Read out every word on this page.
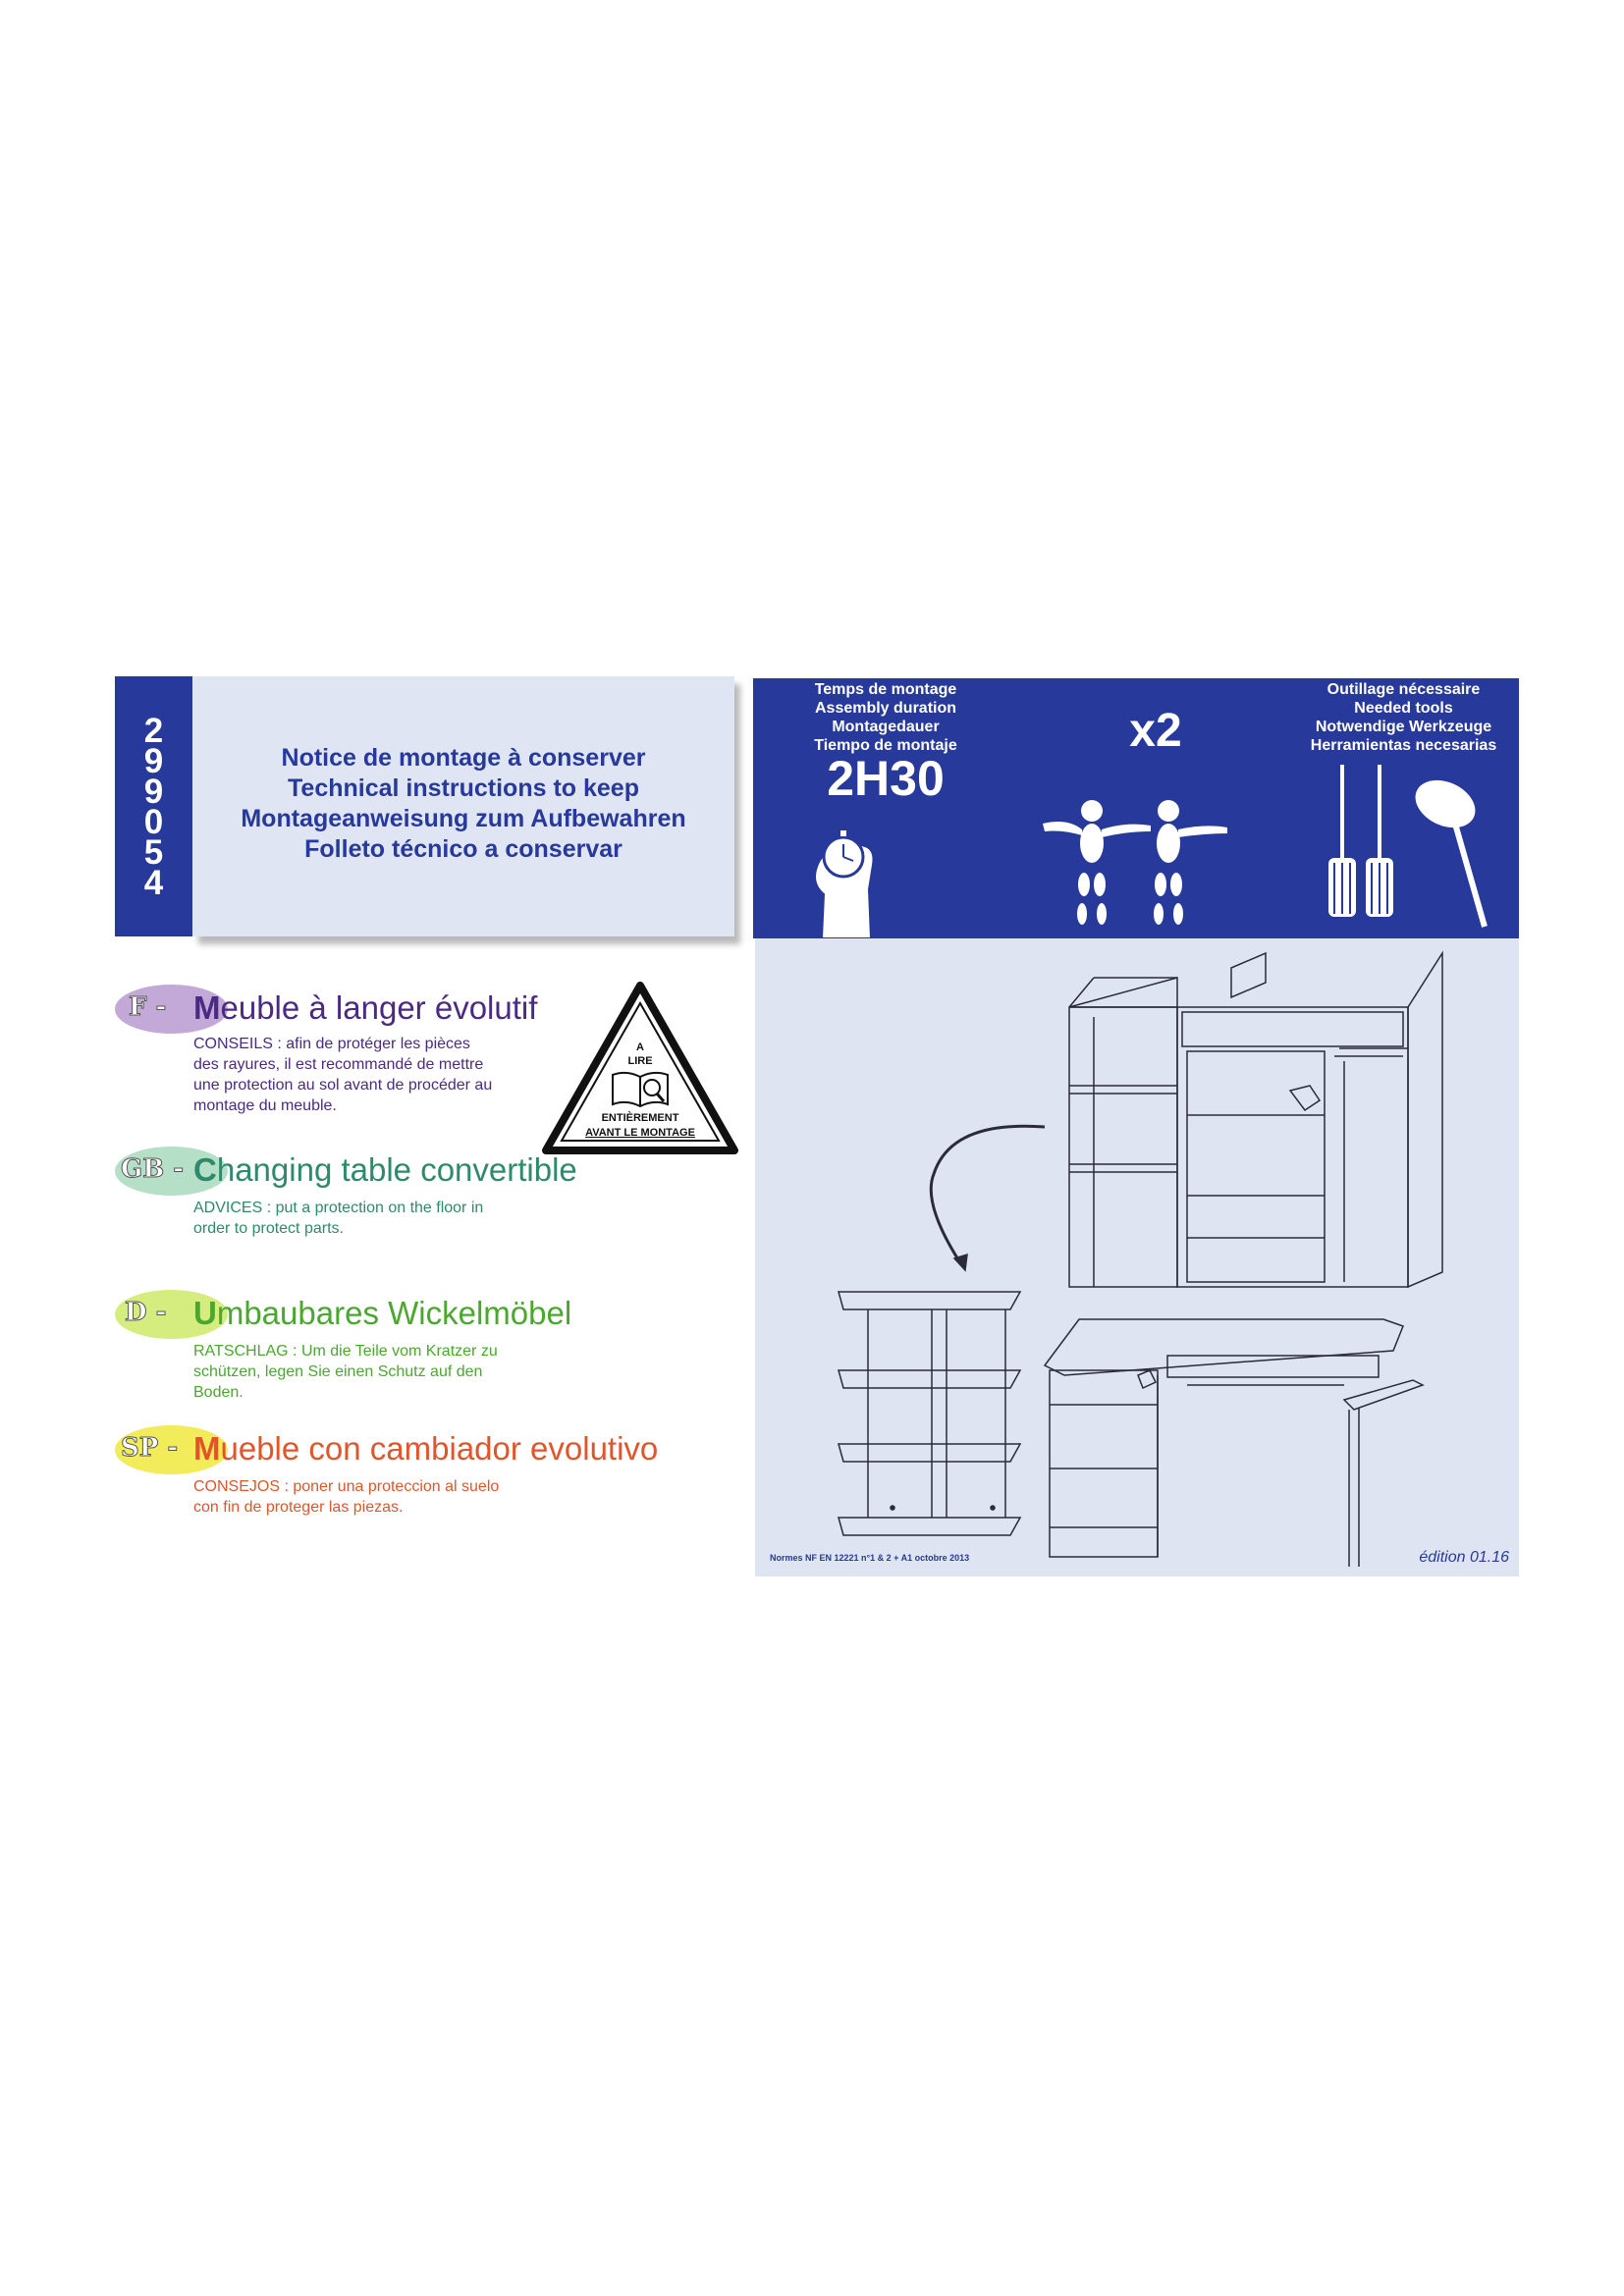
2
9
9
0
5
4
Notice de montage à conserver
Technical instructions to keep
Montageanweisung zum Aufbewahren
Folleto técnico a conservar
Temps de montage
Assembly duration
Montagedauer
Tiempo de montaje
2H30
x2
Outillage nécessaire
Needed tools
Notwendige Werkzeuge
Herramientas necesarias
Normes NF EN 12221 n°1 & 2 + A1 octobre 2013	édition 01.16
A
LIRE
ENTIÈREMENT
AVANT LE MONTAGE
F - Meuble à langer évolutif
CONSEILS : afin de protéger les pièces
des rayures, il est recommandé de mettre
une protection au sol avant de procéder au
montage du meuble.
GB - Changing table convertible
ADVICES : put a protection on the floor in
order to protect parts.
D - Umbaubares Wickelmöbel
RATSCHLAG : Um die Teile vom Kratzer zu
schützen, legen Sie einen Schutz auf den
Boden.
SP - Mueble con cambiador evolutivo
CONSEJOS : poner una proteccion al suelo
con fin de proteger las piezas.
